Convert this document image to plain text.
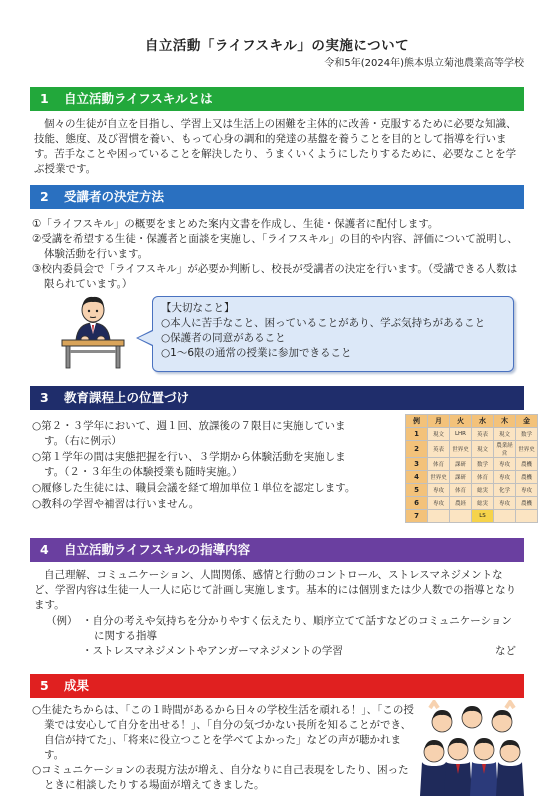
自立活動「ライフスキル」の実施について
令和5年(2024年)熊本県立菊池農業高等学校
1 自立活動ライフスキルとは
個々の生徒が自立を目指し、学習上又は生活上の困難を主体的に改善・克服するために必要な知識、技能、態度、及び習慣を養い、もって心身の調和的発達の基盤を養うことを目的として指導を行います。苦手なことや困っていることを解決したり、うまくいくようにしたりするために、必要なことを学ぶ授業です。
2 受講者の決定方法
①「ライフスキル」の概要をまとめた案内文書を作成し、生徒・保護者に配付します。
②受講を希望する生徒・保護者と面談を実施し、「ライフスキル」の目的や内容、評価について説明し、体験活動を行います。
③校内委員会で「ライフスキル」が必要か判断し、校長が受講者の決定を行います。（受講できる人数は限られています。）
【大切なこと】
○本人に苦手なこと、困っていることがあり、学ぶ気持ちがあること
○保護者の同意があること
○1～6限の通常の授業に参加できること
3 教育課程上の位置づけ
○第２・３学年において、週１回、放課後の７限目に実施しています。（右に例示）
○第１学年の間は実態把握を行い、３学期から体験活動を実施します。（２・３年生の体験授業も随時実施。）
○履修した生徒には、職員会議を経て増加単位１単位を認定します。
○教科の学習や補習は行いません。
例	月	火	水	木	金
1	現文	LHR	英表	現文	数学
2	英表	世界史	現文	農業経営	世界史
3	体育	課研	数学	専攻	農機
4	世界史	課研	体育	専攻	農機
5	専攻	体育	総実	化学	専攻
6	専攻	農経	総実	専攻	農機
7			LS		
4 自立活動ライフスキルの指導内容
自己理解、コミュニケーション、人間関係、感情と行動のコントロール、ストレスマネジメントなど、学習内容は生徒一人一人に応じて計画し実施します。基本的には個別または少人数での指導となります。
（例） ・自分の考えや気持ちを分かりやすく伝えたり、順序立てて話すなどのコミュニケーションに関する指導
・ストレスマネジメントやアンガーマネジメントの学習	など
5 成果
○生徒たちからは、「この１時間があるから日々の学校生活を頑れる！」、「この授業では安心して自分を出せる！」、「自分の気づかない長所を知ることができ、自信が持てた」、「将来に役立つことを学べてよかった」などの声が聴かれます。
○コミュニケーションの表現方法が増え、自分なりに自己表現をしたり、困ったときに相談したりする場面が増えてきました。
